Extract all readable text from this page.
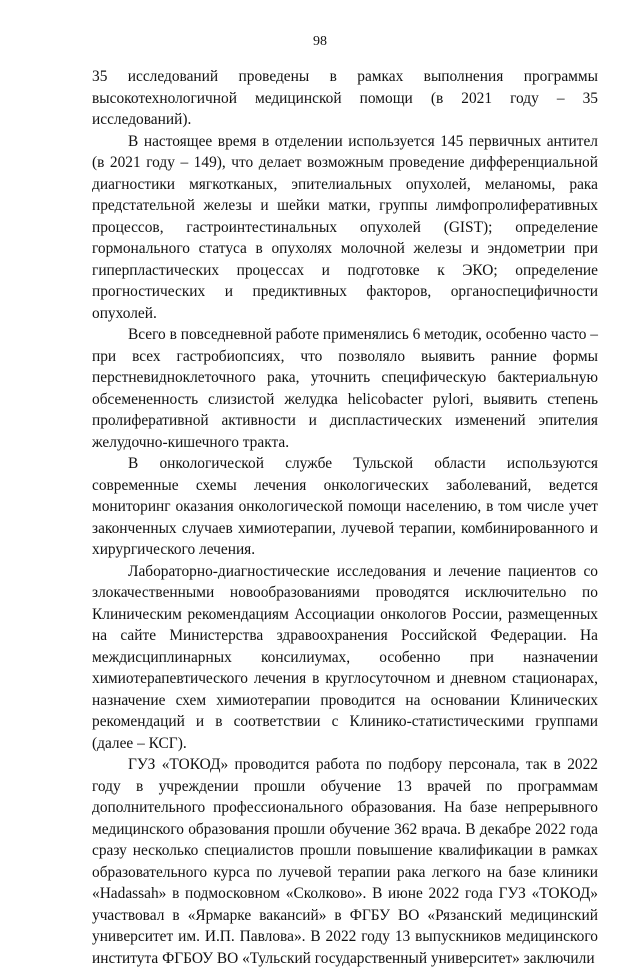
98

35 исследований проведены в рамках выполнения программы высокотехнологичной медицинской помощи (в 2021 году – 35 исследований).

В настоящее время в отделении используется 145 первичных антител (в 2021 году – 149), что делает возможным проведение дифференциальной диагностики мягкотканых, эпителиальных опухолей, меланомы, рака предстательной железы и шейки матки, группы лимфопролиферативных процессов, гастроинтестинальных опухолей (GIST); определение гормонального статуса в опухолях молочной железы и эндометрии при гиперпластических процессах и подготовке к ЭКО; определение прогностических и предиктивных факторов, органоспецифичности опухолей.

Всего в повседневной работе применялись 6 методик, особенно часто – при всех гастробиопсиях, что позволяло выявить ранние формы перстневидноклеточного рака, уточнить специфическую бактериальную обсемененность слизистой желудка helicobacter pylori, выявить степень пролиферативной активности и диспластических изменений эпителия желудочно-кишечного тракта.

В онкологической службе Тульской области используются современные схемы лечения онкологических заболеваний, ведется мониторинг оказания онкологической помощи населению, в том числе учет законченных случаев химиотерапии, лучевой терапии, комбинированного и хирургического лечения.

Лабораторно-диагностические исследования и лечение пациентов со злокачественными новообразованиями проводятся исключительно по Клиническим рекомендациям Ассоциации онкологов России, размещенных на сайте Министерства здравоохранения Российской Федерации. На междисциплинарных консилиумах, особенно при назначении химиотерапевтического лечения в круглосуточном и дневном стационарах, назначение схем химиотерапии проводится на основании Клинических рекомендаций и в соответствии с Клинико-статистическими группами (далее – КСГ).

ГУЗ «ТОКОД» проводится работа по подбору персонала, так в 2022 году в учреждении прошли обучение 13 врачей по программам дополнительного профессионального образования. На базе непрерывного медицинского образования прошли обучение 362 врача. В декабре 2022 года сразу несколько специалистов прошли повышение квалификации в рамках образовательного курса по лучевой терапии рака легкого на базе клиники «Hadassah» в подмосковном «Сколково». В июне 2022 года ГУЗ «ТОКОД» участвовал в «Ярмарке вакансий» в ФГБУ ВО «Рязанский медицинский университет им. И.П. Павлова». В 2022 году 13 выпускников медицинского института ФГБОУ ВО «Тульский государственный университет» заключили
